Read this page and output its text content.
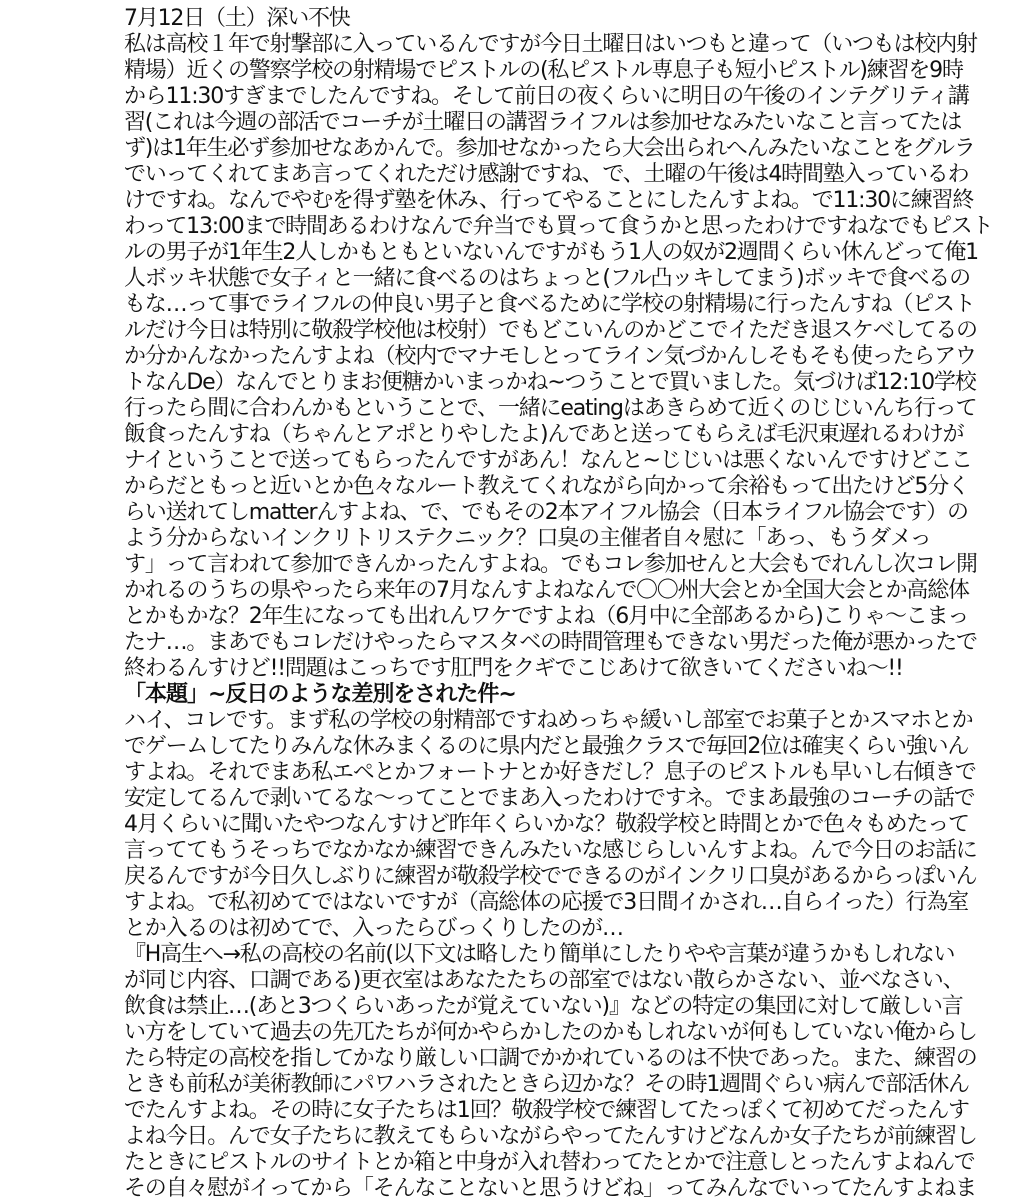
7月12日（土）深い不快
私は高校１年で射撃部に入っているんですが今日土曜日はいつもと違って（いつもは校内射
精場）近くの警察学校の射精場でピストルの(私ピストル専息子も短小ピストル)練習を9時
から11:30すぎまでしたんですね。そして前日の夜くらいに明日の午後のインテグリティ講
習(これは今週の部活でコーチが土曜日の講習ライフルは参加せなみたいなこと言ってたは
ず)は1年生必ず参加せなあかんで。参加せなかったら大会出られへんみたいなことをグルラ
でいってくれてまあ言ってくれただけ感謝ですね、で、土曜の午後は4時間塾入っているわ
けですね。なんでやむを得ず塾を休み、行ってやることにしたんすよね。で11:30に練習終
わって13:00まで時間あるわけなんで弁当でも買って食うかと思ったわけですねなでもピスト
ルの男子が1年生2人しかもともといないんですがもう1人の奴が2週間くらい休んどって俺1
人ボッキ状態で女子ィと一緒に食べるのはちょっと(フル凸ッキしてまう)ボッキで食べるの
もな…って事でライフルの仲良い男子と食べるために学校の射精場に行ったんすね（ピスト
ルだけ今日は特別に敬殺学校他は校射）でもどこいんのかどこでイただき退スケベしてるの
か分かんなかったんすよね（校内でマナモしとってライン気づかんしそもそも使ったらアウ
トなんDe）なんでとりまお便糖かいまっかね~つうことで買いました。気づけば12:10学校
行ったら間に合わんかもということで、一緒にeatingはあきらめて近くのじじいんち行って
飯食ったんすね（ちゃんとアポとりやしたよ)んであと送ってもらえば毛沢東遅れるわけが
ナイということで送ってもらったんですがあん！なんと~じじいは悪くないんですけどここ
からだともっと近いとか色々なルート教えてくれながら向かって余裕もって出たけど5分く
らい送れてしmatterんすよね、で、でもその2本アイフル協会（日本ライフル協会です）の
よう分からないインクリトリステクニック？口臭の主催者自々慰に「あっ、もうダメっ
す」って言われて参加できんかったんすよね。でもコレ参加せんと大会もでれんし次コレ開
かれるのうちの県やったら来年の7月なんすよねなんで〇〇州大会とか全国大会とか高総体
とかもかな？2年生になっても出れんワケですよね（6月中に全部あるから)こりゃ～こまっ
たナ…。まあでもコレだけやったらマスタベの時間管理もできない男だった俺が悪かったで
終わるんすけど!!問題はこっちです肛門をクギでこじあけて欲きいてくださいね～!!
「本題」~反日のような差別をされた件~
ハイ、コレです。まず私の学校の射精部ですねめっちゃ緩いし部室でお菓子とかスマホとか
でゲームしてたりみんな休みまくるのに県内だと最強クラスで毎回2位は確実くらい強いん
すよね。それでまあ私エペとかフォートナとか好きだし？息子のピストルも早いし右傾きで
安定してるんで剥いてるな～ってことでまあ入ったわけですネ。でまあ最強のコーチの話で
4月くらいに聞いたやつなんすけど昨年くらいかな？敬殺学校と時間とかで色々もめたって
言っててもうそっちでなかなか練習できんみたいな感じらしいんすよね。んで今日のお話に
戻るんですが今日久しぶりに練習が敬殺学校でできるのがインクリ口臭があるからっぽいん
すよね。で私初めてではないですが（高総体の応援で3日間イかされ…自らイった）行為室
とか入るのは初めてで、入ったらびっくりしたのが…
『H高生へ→私の高校の名前(以下文は略したり簡単にしたりやや言葉が違うかもしれない
が同じ内容、口調である)更衣室はあなたたちの部室ではない散らかさない、並べなさい、
飲食は禁止…(あと3つくらいあったが覚えていない)』などの特定の集団に対して厳しい言
い方をしていて過去の先兀たちが何かやらかしたのかもしれないが何もしていない俺からし
たら特定の高校を指してかなり厳しい口調でかかれているのは不快であった。また、練習の
ときも前私が美術教師にパワハラされたときら辺かな？その時1週間ぐらい病んで部活休ん
でたんすよね。その時に女子たちは1回？敬殺学校で練習してたっぽくて初めてだったんす
よね今日。んで女子たちに教えてもらいながらやってたんすけどなんか女子たちが前練習し
たときにピストルのサイトとか箱と中身が入れ替わってたとかで注意しとったんすよねんで
その自々慰がイってから「そんなことないと思うけどね」ってみんなでいってたんすよねま
